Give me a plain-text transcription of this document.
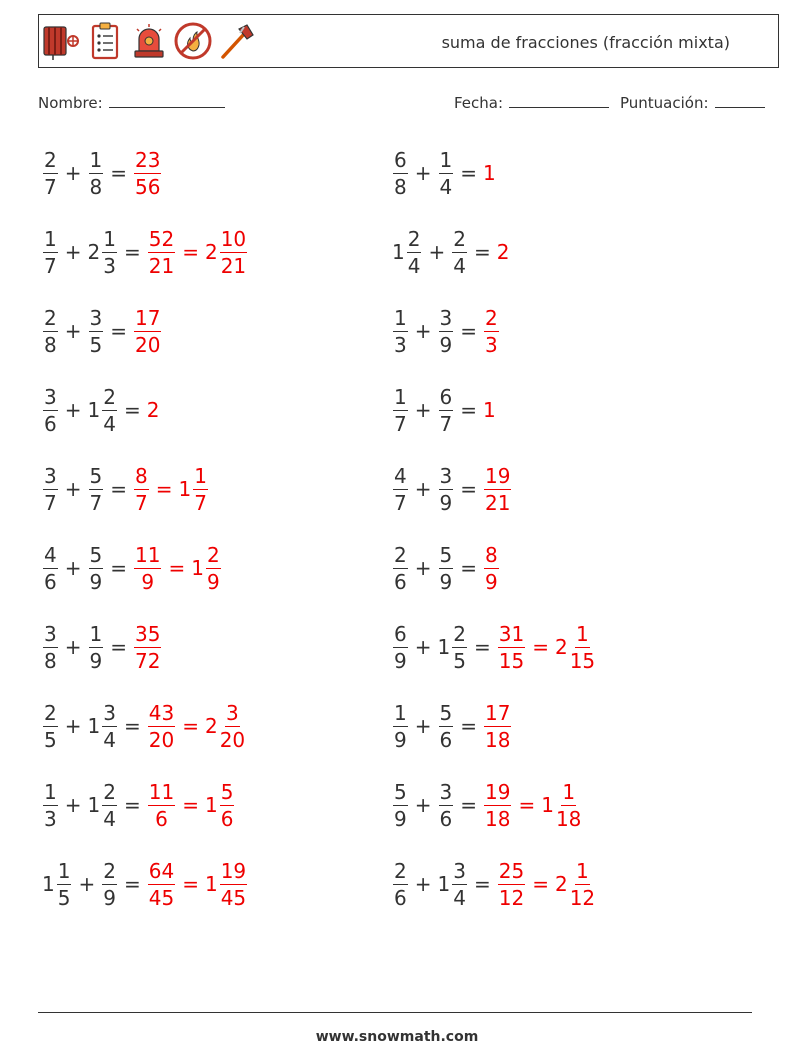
suma de fracciones (fracción mixta)
Nombre:	Fecha:	Puntuación:
$\frac{2}{7} + \frac{1}{8} = \frac{23}{56}$	$\frac{6}{8} + \frac{1}{4} = 1$
$\frac{1}{7} + 2 \frac{1}{3} = \frac{52}{21} = 2 \frac{10}{21}$	$1 \frac{2}{4} + \frac{2}{4} = 2$
$\frac{2}{8} + \frac{3}{5} = \frac{17}{20}$	$\frac{1}{3} + \frac{3}{9} = \frac{2}{3}$
$\frac{3}{6} + 1 \frac{2}{4} = 2$	$\frac{1}{7} + \frac{6}{7} = 1$
$\frac{3}{7} + \frac{5}{7} = \frac{8}{7} = 1 \frac{1}{7}$	$\frac{4}{7} + \frac{3}{9} = \frac{19}{21}$
$\frac{4}{6} + \frac{5}{9} = \frac{11}{9} = 1 \frac{2}{9}$	$\frac{2}{6} + \frac{5}{9} = \frac{8}{9}$
$\frac{3}{8} + \frac{1}{9} = \frac{35}{72}$	$\frac{6}{9} + 1 \frac{2}{5} = \frac{31}{15} = 2 \frac{1}{15}$
$\frac{2}{5} + 1 \frac{3}{4} = \frac{43}{20} = 2 \frac{3}{20}$	$\frac{1}{9} + \frac{5}{6} = \frac{17}{18}$
$\frac{1}{3} + 1 \frac{2}{4} = \frac{11}{6} = 1 \frac{5}{6}$	$\frac{5}{9} + \frac{3}{6} = \frac{19}{18} = 1 \frac{1}{18}$
$1 \frac{1}{5} + \frac{2}{9} = \frac{64}{45} = 1 \frac{19}{45}$	$\frac{2}{6} + 1 \frac{3}{4} = \frac{25}{12} = 2 \frac{1}{12}$
www.snowmath.com
